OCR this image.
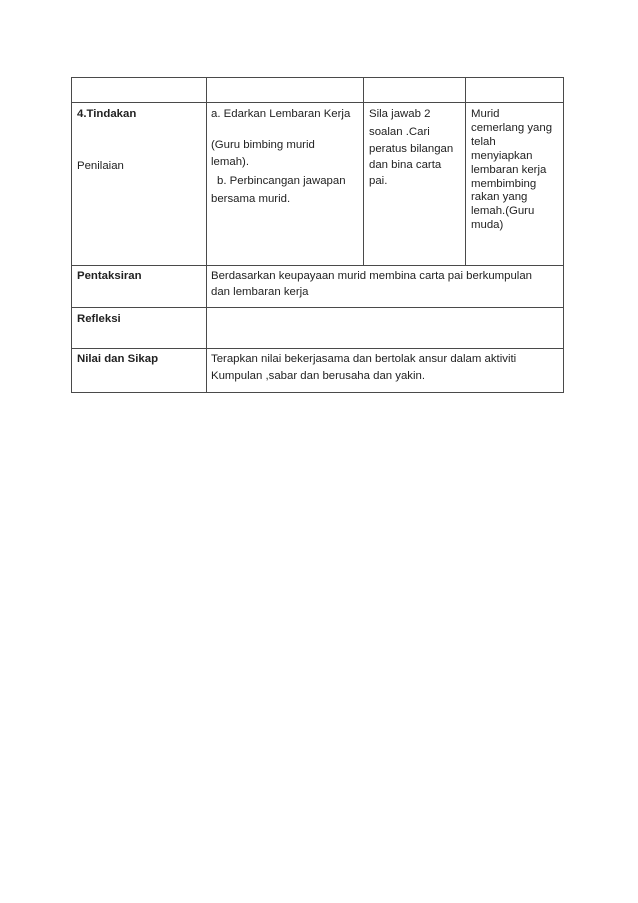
4.Tindakan
Penilaian
a. Edarkan Lembaran Kerja
(Guru bimbing murid
lemah).
b. Perbincangan jawapan
bersama murid.
Sila jawab 2
soalan .Cari
peratus bilangan
dan bina carta
pai.
Murid
cemerlang yang
telah
menyiapkan
lembaran kerja
membimbing
rakan yang
lemah.(Guru
muda)
Pentaksiran	Berdasarkan keupayaan murid membina carta pai berkumpulan
dan lembaran kerja
Refleksi
Nilai dan Sikap	Terapkan nilai bekerjasama dan bertolak ansur dalam aktiviti
Kumpulan ,sabar dan berusaha dan yakin.
